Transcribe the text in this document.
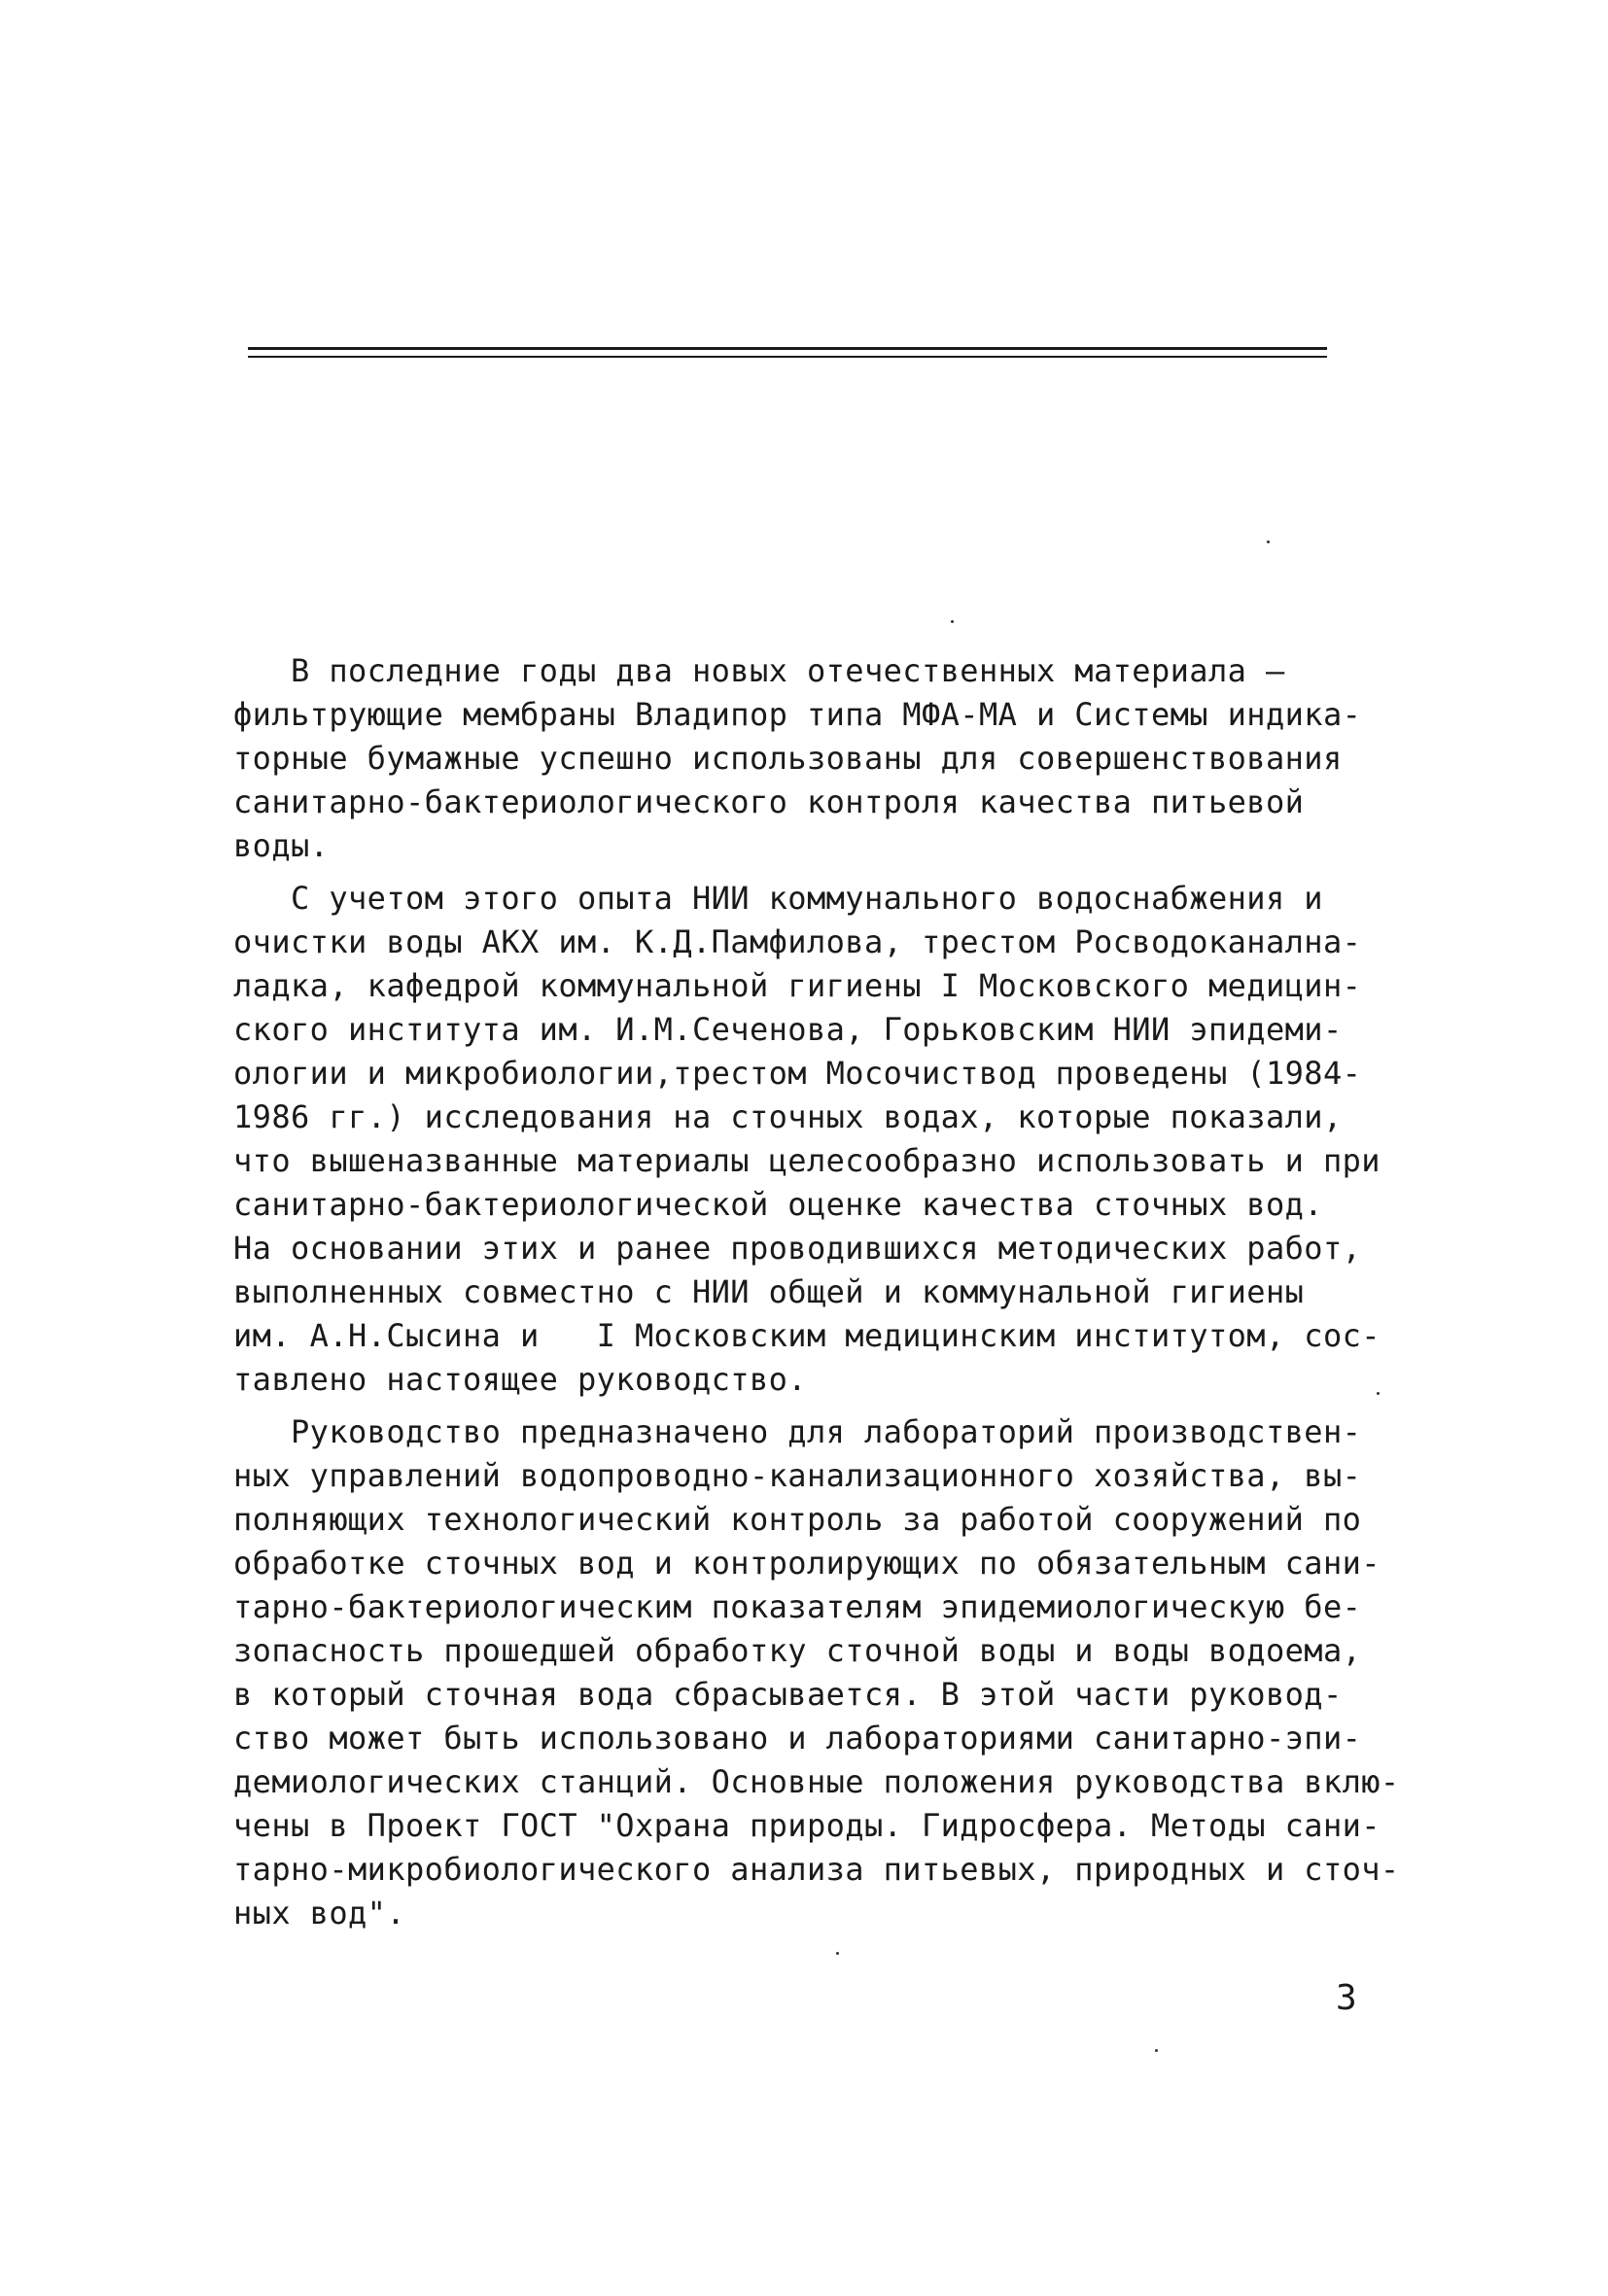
В последние годы два новых отечественных материала –
фильтрующие мембраны Владипор типа МФА-МА и Системы индика-
торные бумажные успешно использованы для совершенствования
санитарно-бактериологического контроля качества питьевой
воды.
С учетом этого опыта НИИ коммунального водоснабжения и
очистки воды АКХ им. К.Д.Памфилова, трестом Росводоканална-
ладка, кафедрой коммунальной гигиены I Московского медицин-
ского института им. И.М.Сеченова, Горьковским НИИ эпидеми-
ологии и микробиологии,трестом Мосочиствод проведены (1984-
1986 гг.) исследования на сточных водах, которые показали,
что вышеназванные материалы целесообразно использовать и при
санитарно-бактериологической оценке качества сточных вод.
На основании этих и ранее проводившихся методических работ,
выполненных совместно с НИИ общей и коммунальной гигиены
им. А.Н.Сысина и   I Московским медицинским институтом, сос-
тавлено настоящее руководство.
Руководство предназначено для лабораторий производствен-
ных управлений водопроводно-канализационного хозяйства, вы-
полняющих технологический контроль за работой сооружений по
обработке сточных вод и контролирующих по обязательным сани-
тарно-бактериологическим показателям эпидемиологическую бе-
зопасность прошедшей обработку сточной воды и воды водоема,
в который сточная вода сбрасывается. В этой части руковод-
ство может быть использовано и лабораториями санитарно-эпи-
демиологических станций. Основные положения руководства вклю-
чены в Проект ГОСТ "Охрана природы. Гидросфера. Методы сани-
тарно-микробиологического анализа питьевых, природных и сточ-
ных вод".
3
